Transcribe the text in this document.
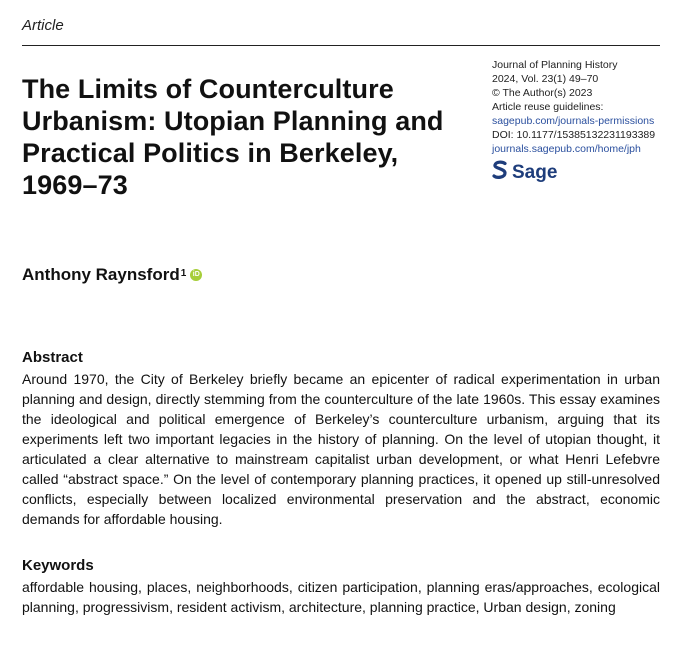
Article
The Limits of Counterculture Urbanism: Utopian Planning and Practical Politics in Berkeley, 1969–73
Journal of Planning History
2024, Vol. 23(1) 49–70
© The Author(s) 2023
Article reuse guidelines:
sagepub.com/journals-permissions
DOI: 10.1177/15385132231193389
journals.sagepub.com/home/jph
Sage
Anthony Raynsford$^1$ iD
Abstract

Around 1970, the City of Berkeley briefly became an epicenter of radical experimentation in urban planning and design, directly stemming from the counterculture of the late 1960s. This essay examines the ideological and political emergence of Berkeley’s counterculture urbanism, arguing that its experiments left two important legacies in the history of planning. On the level of utopian thought, it articulated a clear alternative to mainstream capitalist urban development, or what Henri Lefebvre called “abstract space.” On the level of contemporary planning practices, it opened up still-unresolved conflicts, especially between localized environmental preservation and the abstract, economic demands for affordable housing.

Keywords

affordable housing, places, neighborhoods, citizen participation, planning eras/approaches, ecological planning, progressivism, resident activism, architecture, planning practice, Urban design, zoning
